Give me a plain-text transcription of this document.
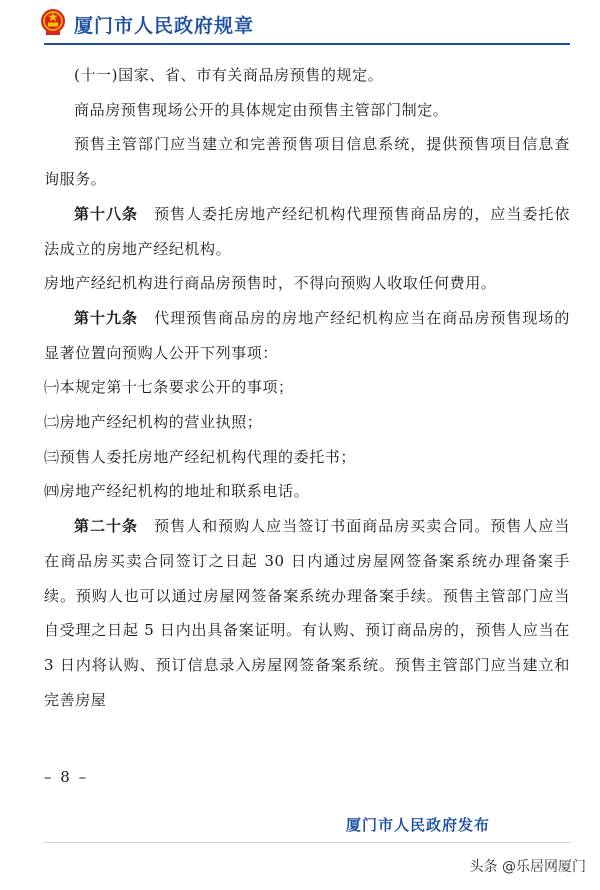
厦门市人民政府规章

(十一)国家、省、市有关商品房预售的规定。

商品房预售现场公开的具体规定由预售主管部门制定。

预售主管部门应当建立和完善预售项目信息系统，提供预售项目信息查询服务。

第十八条　 预售人委托房地产经纪机构代理预售商品房的，应当委托依法成立的房地产经纪机构。

房地产经纪机构进行商品房预售时，不得向预购人收取任何费用。

第十九条　 代理预售商品房的房地产经纪机构应当在商品房预售现场的显著位置向预购人公开下列事项：

㈠本规定第十七条要求公开的事项；

㈡房地产经纪机构的营业执照；

㈢预售人委托房地产经纪机构代理的委托书；

㈣房地产经纪机构的地址和联系电话。

第二十条　 预售人和预购人应当签订书面商品房买卖合同。预售人应当在商品房买卖合同签订之日起 30 日内通过房屋网签备案系统办理备案手续。预购人也可以通过房屋网签备案系统办理备案手续。预售主管部门应当自受理之日起 5 日内出具备案证明。有认购、预订商品房的，预售人应当在 3 日内将认购、预订信息录入房屋网签备案系统。预售主管部门应当建立和完善房屋

– 8 –
厦门市人民政府发布
头条 @乐居网厦门
